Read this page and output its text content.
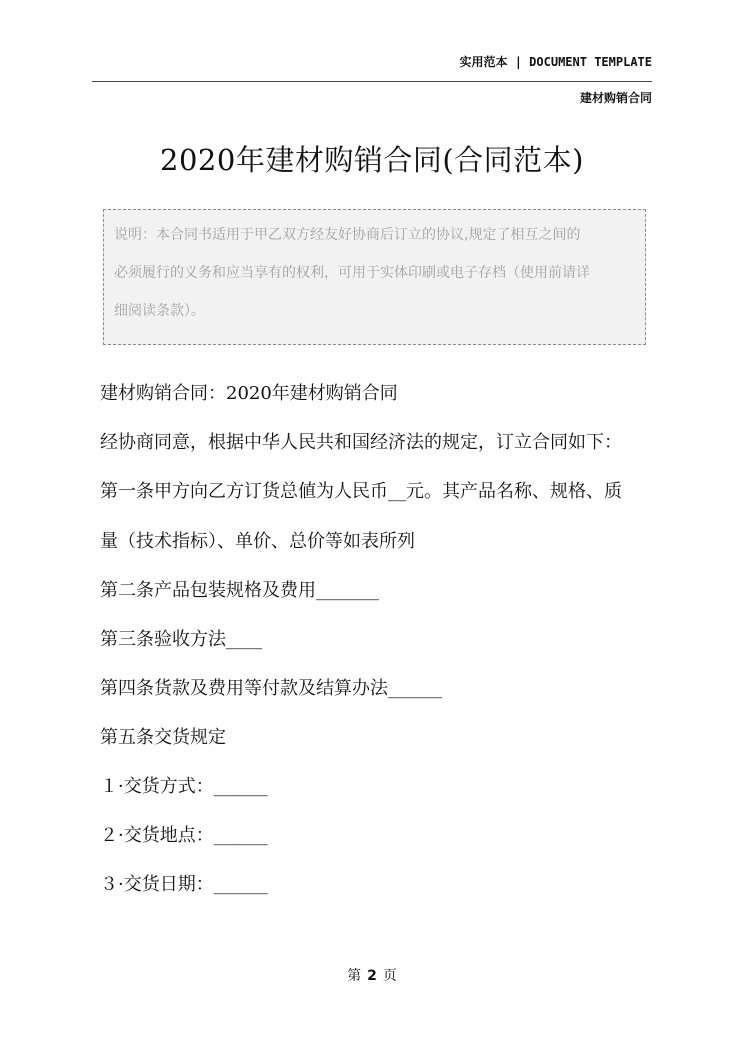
实用范本 | DOCUMENT TEMPLATE
建材购销合同
2020年建材购销合同(合同范本)
说明：本合同书适用于甲乙双方经友好协商后订立的协议,规定了相互之间的
必须履行的义务和应当享有的权利，可用于实体印刷或电子存档（使用前请详
细阅读条款）。
建材购销合同：2020年建材购销合同
经协商同意，根据中华人民共和国经济法的规定，订立合同如下：
第一条甲方向乙方订货总値为人民币__元。其产品名称、规格、质
量（技术指标）、单价、总价等如表所列
第二条产品包装规格及费用_______
第三条验收方法____
第四条货款及费用等付款及结算办法______
第五条交货规定
１·交货方式：______
２·交货地点：______
３·交货日期：______
第 2 页
